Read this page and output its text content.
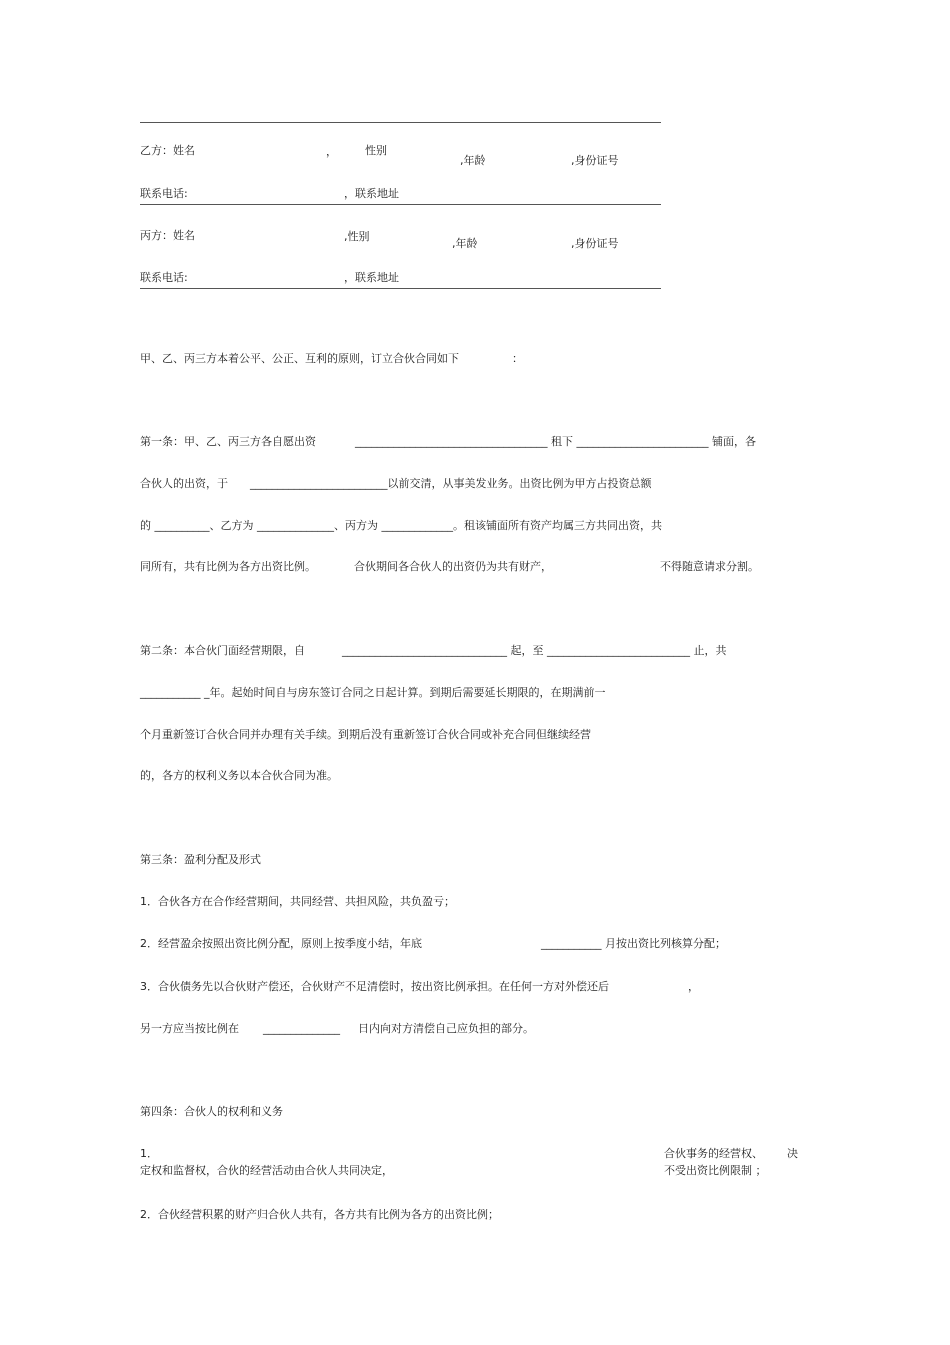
乙方：姓名	，	性别
,年龄	,身份证号
联系电话:	，联系地址
丙方：姓名	,性别
,年龄	,身份证号
联系电话:	，联系地址
甲、乙、丙三方本着公平、公正、互利的原则，订立合伙合同如下	：
第一条：甲、乙、丙三方各自愿出资	___________________________________ 租下 ________________________ 铺面，各
合伙人的出资，于 _________________________以前交清，从事美发业务。出资比例为甲方占投资总额
的 __________、乙方为 ______________、丙方为 _____________。租该铺面所有资产均属三方共同出资，共
同所有，共有比例为各方出资比例。	合伙期间各合伙人的出资仍为共有财产，	不得随意请求分割。
第二条：本合伙门面经营期限，自	______________________________ 起，至 __________________________ 止，共
___________ _年。起始时间自与房东签订合同之日起计算。到期后需要延长期限的，在期满前一
个月重新签订合伙合同并办理有关手续。到期后没有重新签订合伙合同或补充合同但继续经营
的，各方的权利义务以本合伙合同为准。
第三条：盈利分配及形式
1．合伙各方在合作经营期间，共同经营、共担风险，共负盈亏；
2．经营盈余按照出资比例分配，原则上按季度小结，年底	___________ 月按出资比列核算分配；
3．合伙债务先以合伙财产偿还，合伙财产不足清偿时，按出资比例承担。在任何一方对外偿还后	，
另一方应当按比例在 ______________ 日内向对方清偿自己应负担的部分。
第四条：合伙人的权利和义务
1．	合伙事务的经营权、 决
定权和监督权，合伙的经营活动由合伙人共同决定，	不受出资比例限制 ；
2．合伙经营积累的财产归合伙人共有，各方共有比例为各方的出资比例；
